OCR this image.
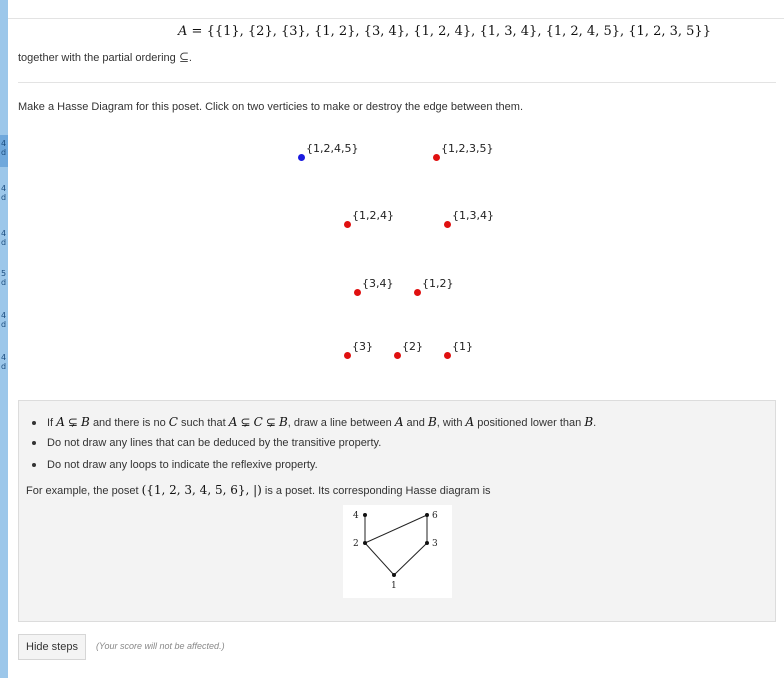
4
d
4
d
4
d
5
d
4
d
4
d
A = {{1}, {2}, {3}, {1, 2}, {3, 4}, {1, 2, 4}, {1, 3, 4}, {1, 2, 4, 5}, {1, 2, 3, 5}}
together with the partial ordering ⊆.
Make a Hasse Diagram for this poset. Click on two verticies to make or destroy the edge between them.
{1,2,4,5}	{1,2,3,5}
{1,2,4}	{1,3,4}
{3,4}	{1,2}
{3}	{2}	{1}
If A ⊊ B and there is no C such that A ⊊ C ⊊ B, draw a line between A and B, with A positioned lower than B.
Do not draw any lines that can be deduced by the transitive property.
Do not draw any loops to indicate the reflexive property.
For example, the poset ({1, 2, 3, 4, 5, 6}, |) is a poset. Its corresponding Hasse diagram is
4	6
2	3
1
Hide steps	(Your score will not be affected.)
